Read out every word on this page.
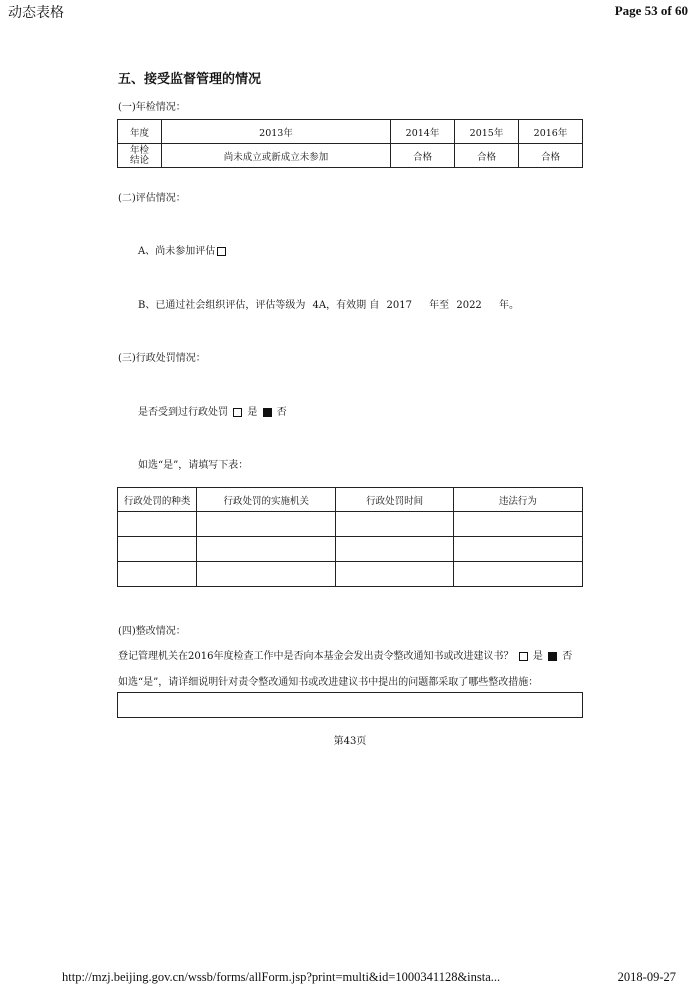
动态表格	Page 53 of 60
五、接受监督管理的情况
(一)年检情况：
年度	2013年	2014年	2015年	2016年

年检
结论	尚未成立或新成立未参加	合格	合格	合格
(二)评估情况：
A、尚未参加评估
B、已通过社会组织评估，评估等级为 4A，有效期 自 2017 年至 2022 年。
(三)行政处罚情况：
是否受到过行政处罚 是 否
如选“是”，请填写下表：
行政处罚的种类	行政处罚的实施机关	行政处罚时间	违法行为

(四)整改情况：
登记管理机关在2016年度检查工作中是否向本基金会发出责令整改通知书或改进建议书？ 是 否
如选“是”，请详细说明针对责令整改通知书或改进建议书中提出的问题都采取了哪些整改措施：
第43页
http://mzj.beijing.gov.cn/wssb/forms/allForm.jsp?print=multi&id=1000341128&insta...	2018-09-27
